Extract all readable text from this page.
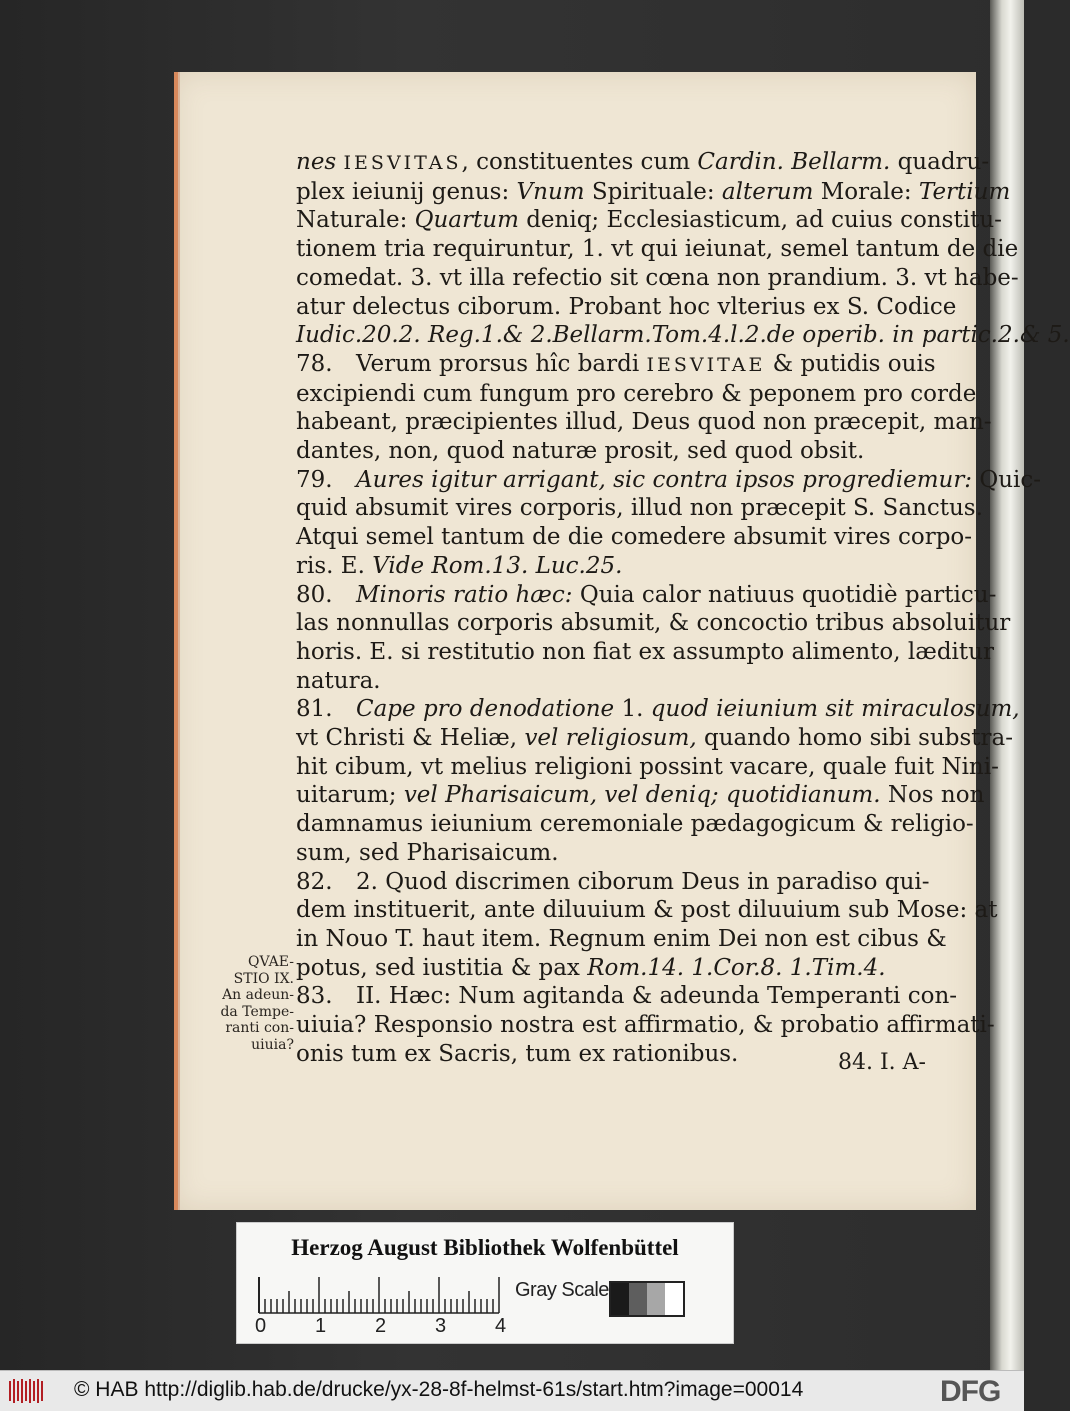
nes IESVITAS, constituentes cum Cardin. Bellarm. quadru-
plex ieiunij genus: Vnum Spirituale: alterum Morale: Tertium
Naturale: Quartum deniq; Ecclesiasticum, ad cuius constitu-
tionem tria requiruntur, 1. vt qui ieiunat, semel tantum de die
comedat. 3. vt illa refectio sit cœna non prandium. 3. vt habe-
atur delectus ciborum. Probant hoc vlterius ex S. Codice
Iudic.20.2. Reg.1.& 2.Bellarm.Tom.4.l.2.de operib. in partic.2.& 5.
78. Verum prorsus hîc bardi IESVITAE & putidis ouis
excipiendi cum fungum pro cerebro & peponem pro corde
habeant, præcipientes illud, Deus quod non præcepit, man-
dantes, non, quod naturæ prosit, sed quod obsit.
79. Aures igitur arrigant, sic contra ipsos progrediemur: Quic-
quid absumit vires corporis, illud non præcepit S. Sanctus.
Atqui semel tantum de die comedere absumit vires corpo-
ris. E. Vide Rom.13. Luc.25.
80. Minoris ratio hæc: Quia calor natiuus quotidiè particu-
las nonnullas corporis absumit, & concoctio tribus absoluitur
horis. E. si restitutio non fiat ex assumpto alimento, læditur
natura.
81. Cape pro denodatione 1. quod ieiunium sit miraculosum,
vt Christi & Heliæ, vel religiosum, quando homo sibi substra-
hit cibum, vt melius religioni possint vacare, quale fuit Nini-
uitarum; vel Pharisaicum, vel deniq; quotidianum. Nos non
damnamus ieiunium ceremoniale pædagogicum & religio-
sum, sed Pharisaicum.
82. 2. Quod discrimen ciborum Deus in paradiso qui-
dem instituerit, ante diluuium & post diluuium sub Mose: at
in Nouo T. haut item. Regnum enim Dei non est cibus &
potus, sed iustitia & pax Rom.14. 1.Cor.8. 1.Tim.4.
83. II. Hæc: Num agitanda & adeunda Temperanti con-
uiuia? Responsio nostra est affirmatio, & probatio affirmati-
onis tum ex Sacris, tum ex rationibus.
QVAE-
STIO IX.
An adeun-
da Tempe-
ranti con-
uiuia?
84. I. A-
Herzog August Bibliothek Wolfenbüttel
0 1 2 3 4
Gray Scale
© HAB http://diglib.hab.de/drucke/yx-28-8f-helmst-61s/start.htm?image=00014	DFG
